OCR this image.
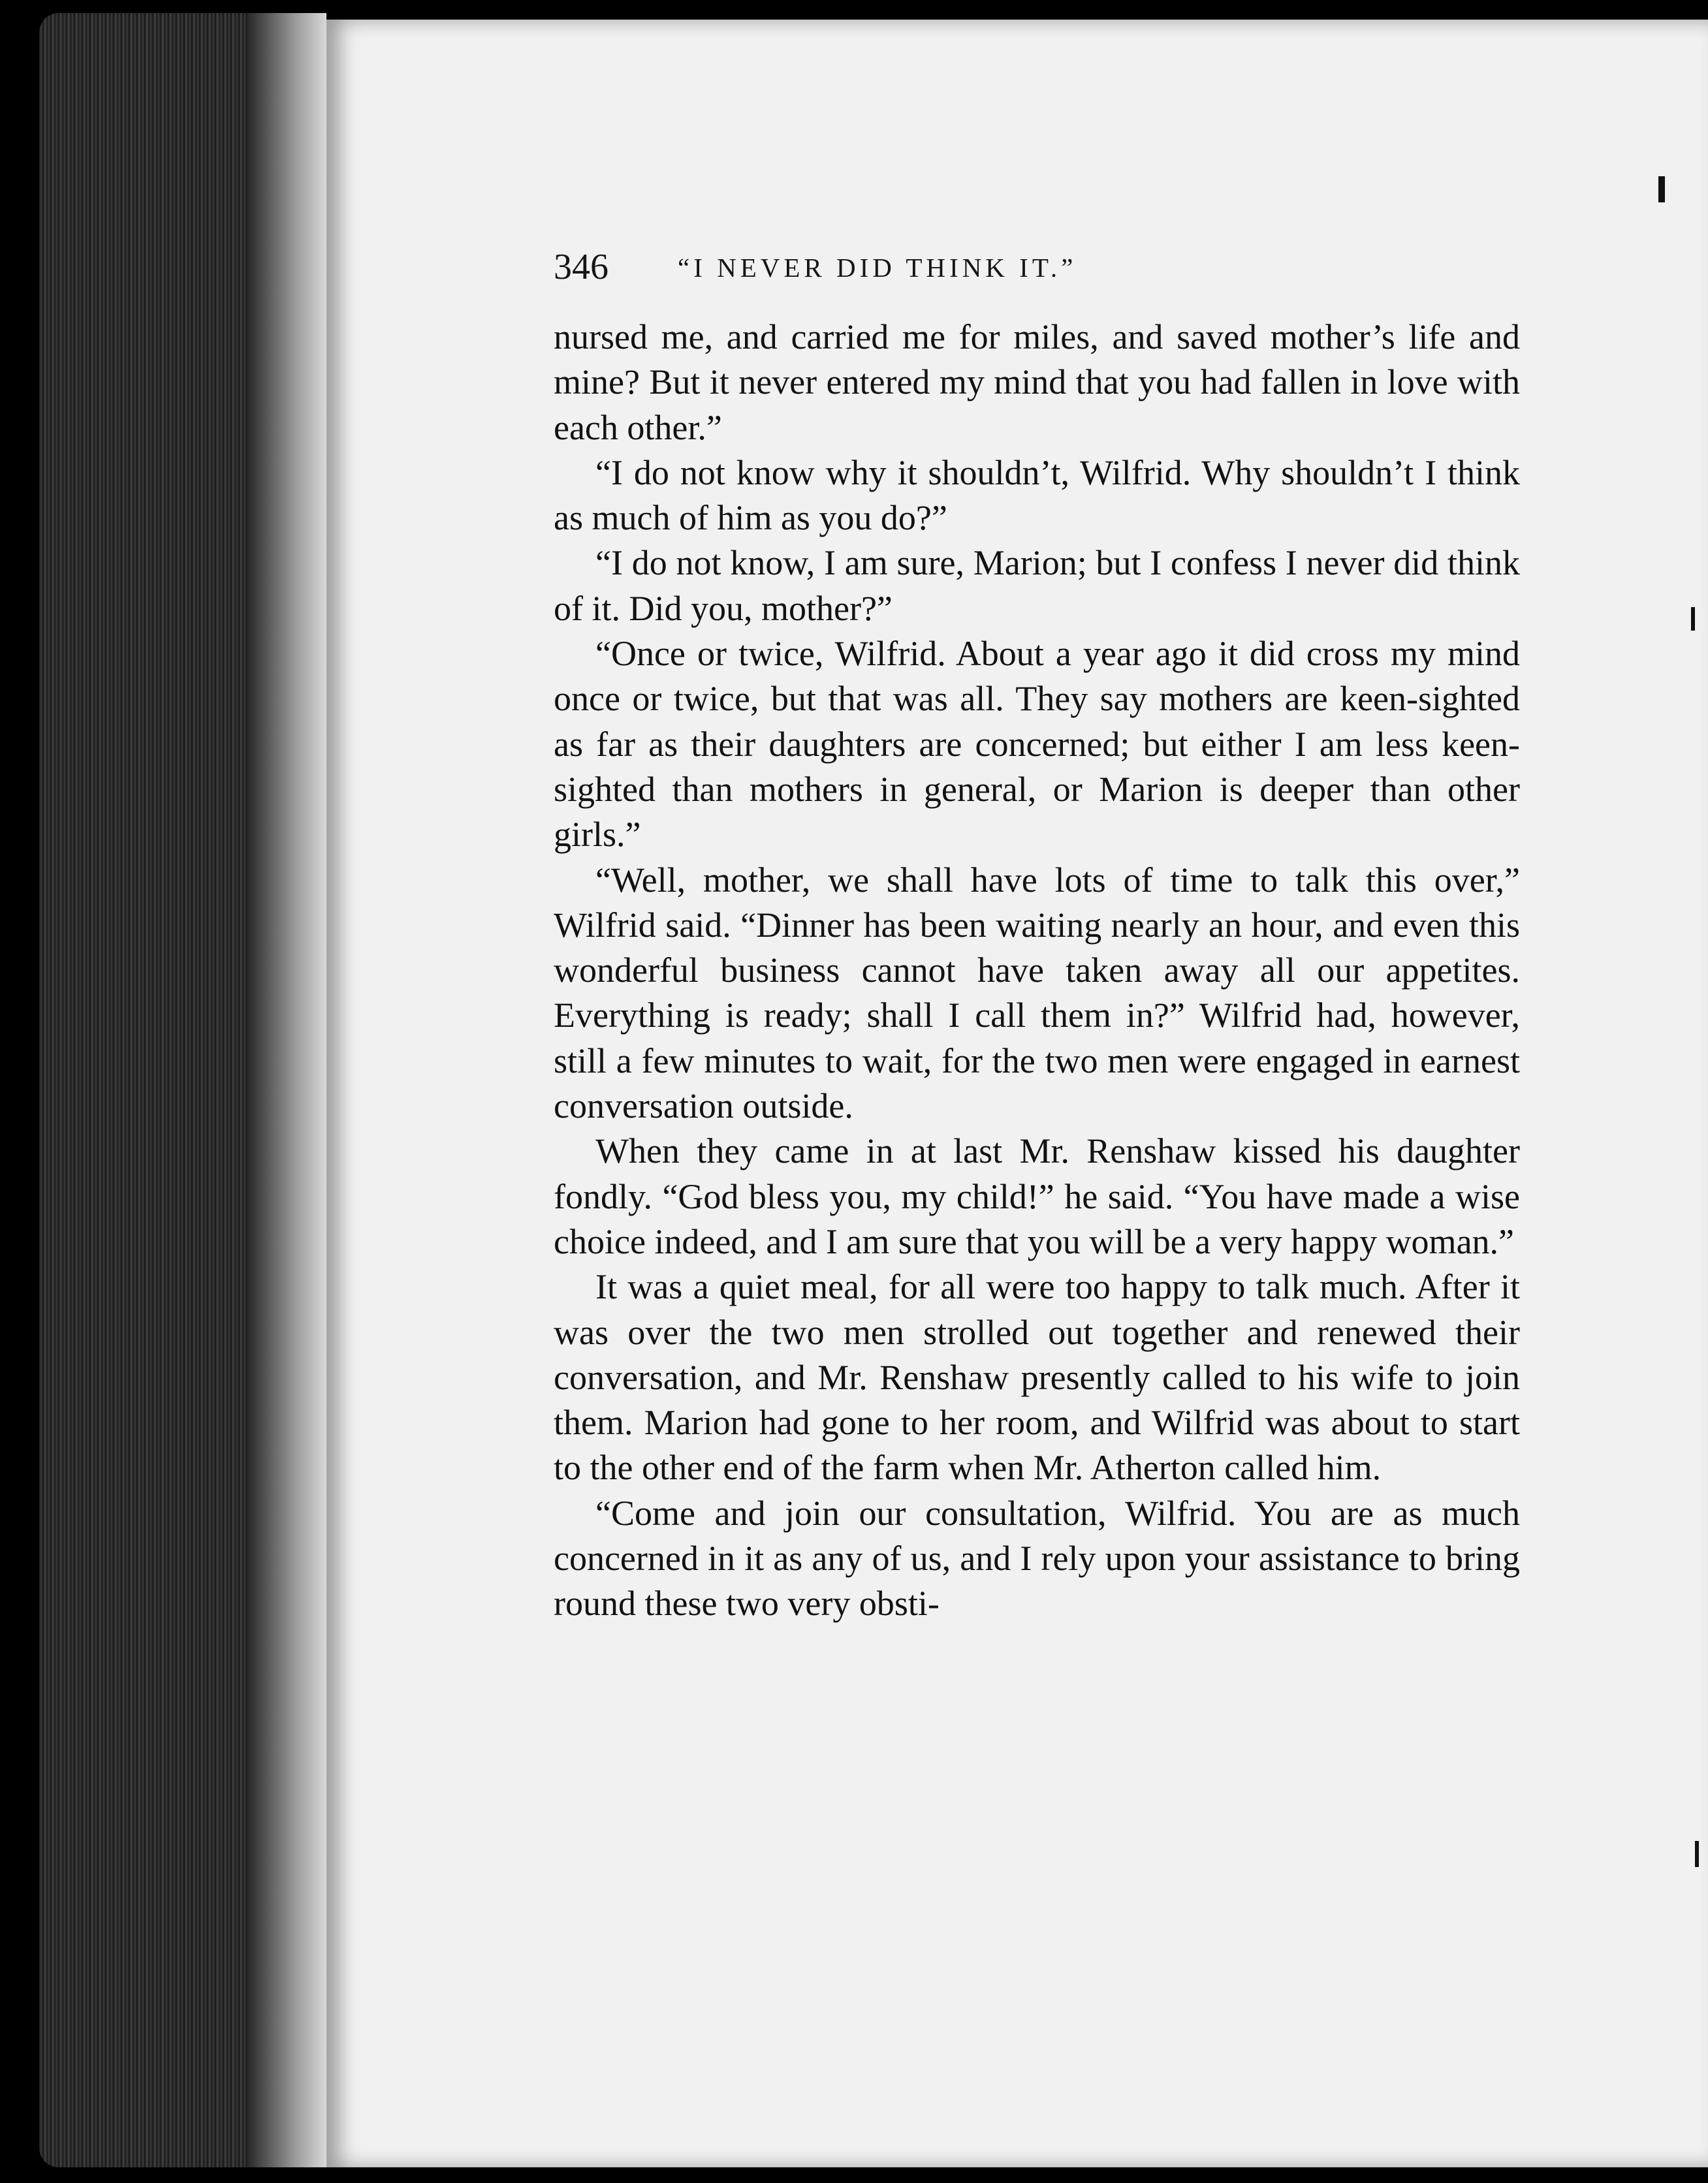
346	“I NEVER DID THINK IT.”

nursed me, and carried me for miles, and saved mother’s life and mine? But it never entered my mind that you had fallen in love with each other.”

“I do not know why it shouldn’t, Wilfrid. Why shouldn’t I think as much of him as you do?”

“I do not know, I am sure, Marion; but I confess I never did think of it. Did you, mother?”

“Once or twice, Wilfrid. About a year ago it did cross my mind once or twice, but that was all. They say mothers are keen-sighted as far as their daughters are concerned; but either I am less keen-sighted than mothers in general, or Marion is deeper than other girls.”

“Well, mother, we shall have lots of time to talk this over,” Wilfrid said. “Dinner has been waiting nearly an hour, and even this wonderful business cannot have taken away all our appetites. Everything is ready; shall I call them in?” Wilfrid had, however, still a few minutes to wait, for the two men were engaged in earnest conversation outside.

When they came in at last Mr. Renshaw kissed his daughter fondly. “God bless you, my child!” he said. “You have made a wise choice indeed, and I am sure that you will be a very happy woman.”

It was a quiet meal, for all were too happy to talk much. After it was over the two men strolled out together and renewed their conversation, and Mr. Renshaw presently called to his wife to join them. Marion had gone to her room, and Wilfrid was about to start to the other end of the farm when Mr. Atherton called him.

“Come and join our consultation, Wilfrid. You are as much concerned in it as any of us, and I rely upon your assistance to bring round these two very obsti-
